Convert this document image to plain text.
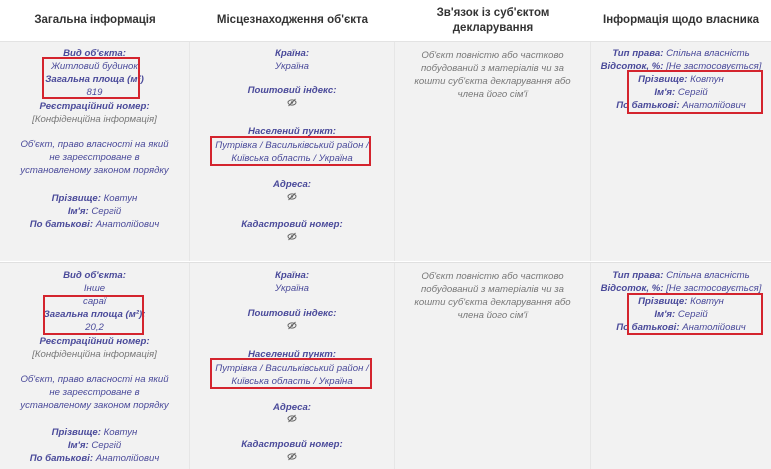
Загальна інформація	Місцезнаходження об'єкта
Зв'язок із суб'єктом декларування
Інформація щодо власника
Вид об'єкта:
Житловий будинок
Загальна площа (м²)
819
Реєстраційний номер:
[Конфіденційна інформація]
Об'єкт, право власності на який не зареєстроване в установленому законом порядку
Прізвище: Ковтун
Ім'я: Сергій
По батькові: Анатолійович
Країна:
Україна
Поштовий індекс:
Населений пункт:
Путрівка / Васильківський район /
Київська область / Україна
Адреса:
Кадастровий номер:
Об'єкт повністю або частково побудований з матеріалів чи за кошти суб'єкта декларування або члена його сім'ї
Тип права: Спільна власність
Відсоток, %: [Не застосовується]
Прізвище: Ковтун
Ім'я: Сергій
По батькові: Анатолійович
Вид об'єкта:
Інше
сараї
Загальна площа (м²):
20,2
Реєстраційний номер:
[Конфіденційна інформація]
Об'єкт, право власності на який не зареєстроване в установленому законом порядку
Прізвище: Ковтун
Ім'я: Сергій
По батькові: Анатолійович
Країна:
Україна
Поштовий індекс:
Населений пункт:
Путрівка / Васильківський район /
Київська область / Україна
Адреса:
Кадастровий номер:
Об'єкт повністю або частково побудований з матеріалів чи за кошти суб'єкта декларування або члена його сім'ї
Тип права: Спільна власність
Відсоток, %: [Не застосовується]
Прізвище: Ковтун
Ім'я: Сергій
По батькові: Анатолійович
